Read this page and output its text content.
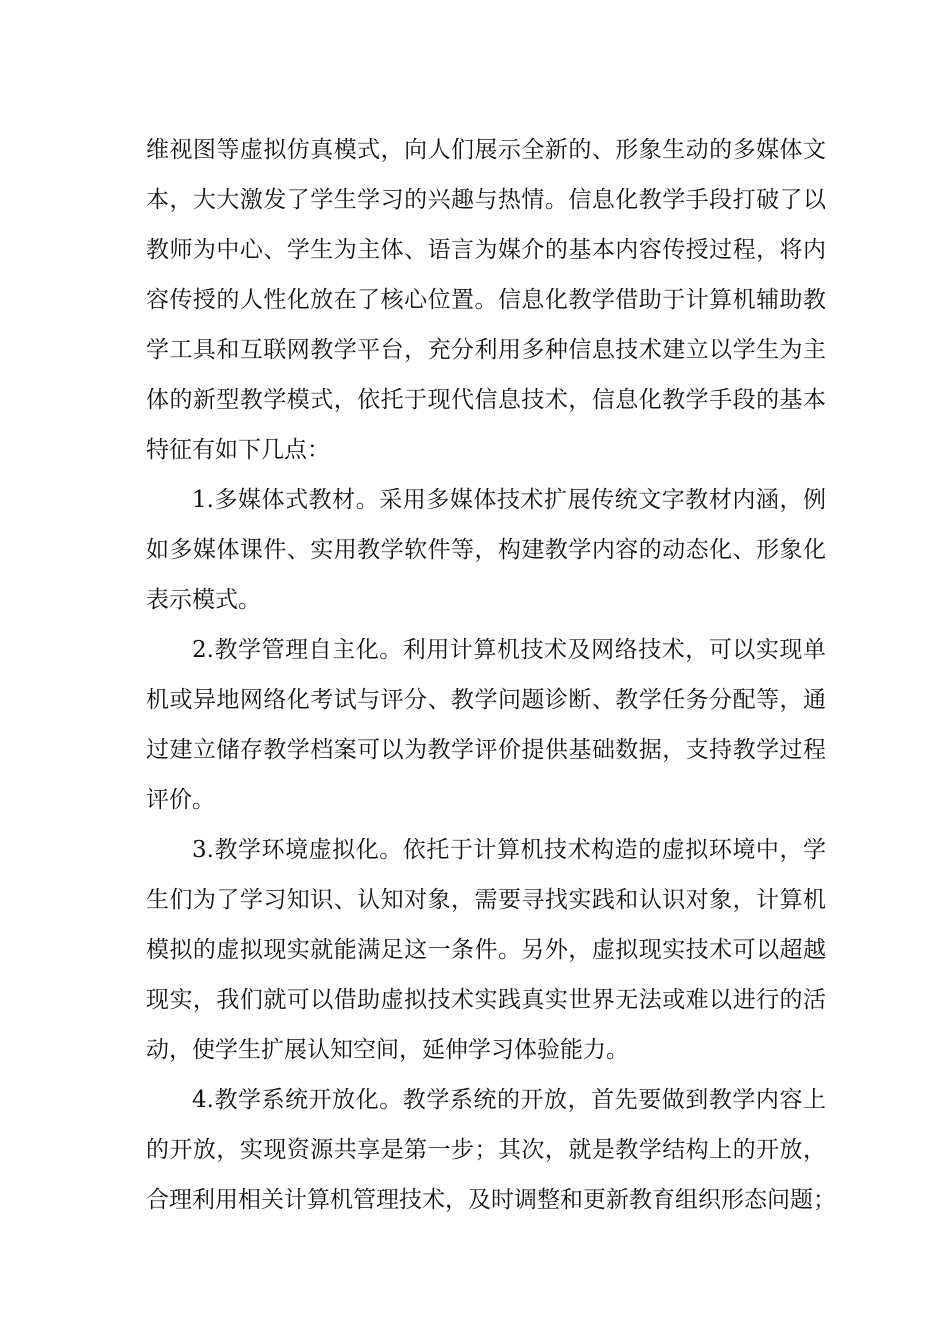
维视图等虚拟仿真模式，向人们展示全新的、形象生动的多媒体文
本，大大激发了学生学习的兴趣与热情。信息化教学手段打破了以
教师为中心、学生为主体、语言为媒介的基本内容传授过程，将内
容传授的人性化放在了核心位置。信息化教学借助于计算机辅助教
学工具和互联网教学平台，充分利用多种信息技术建立以学生为主
体的新型教学模式，依托于现代信息技术，信息化教学手段的基本
特征有如下几点：
1.多媒体式教材。采用多媒体技术扩展传统文字教材内涵，例
如多媒体课件、实用教学软件等，构建教学内容的动态化、形象化
表示模式。
2.教学管理自主化。利用计算机技术及网络技术，可以实现单
机或异地网络化考试与评分、教学问题诊断、教学任务分配等，通
过建立储存教学档案可以为教学评价提供基础数据，支持教学过程
评价。
3.教学环境虚拟化。依托于计算机技术构造的虚拟环境中，学
生们为了学习知识、认知对象，需要寻找实践和认识对象，计算机
模拟的虚拟现实就能满足这一条件。另外，虚拟现实技术可以超越
现实，我们就可以借助虚拟技术实践真实世界无法或难以进行的活
动，使学生扩展认知空间，延伸学习体验能力。
4.教学系统开放化。教学系统的开放，首先要做到教学内容上
的开放，实现资源共享是第一步；其次，就是教学结构上的开放，
合理利用相关计算机管理技术，及时调整和更新教育组织形态问题；
